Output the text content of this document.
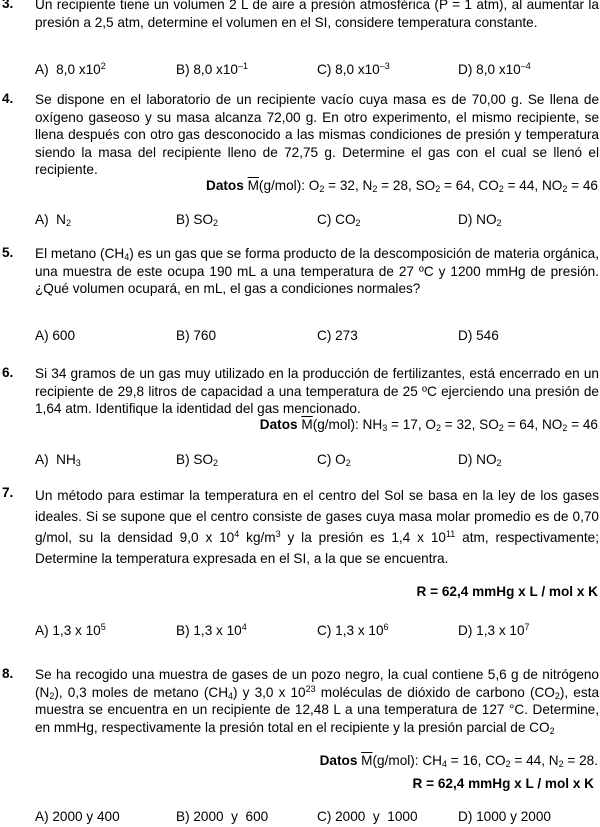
3. Un recipiente tiene un volumen 2 L de aire a presión atmosférica (P = 1 atm), al aumentar la presión a 2,5 atm, determine el volumen en el SI, considere temperatura constante.
A) 8,0 $x10^2$	B) 8,0 $x10^{-1}$	C) 8,0 $x10^{-3}$	D) 8,0 $x10^{-4}$
4. Se dispone en el laboratorio de un recipiente vacío cuya masa es de 70,00 g. Se llena de oxígeno gaseoso y su masa alcanza 72,00 g. En otro experimento, el mismo recipiente, se llena después con otro gas desconocido a las mismas condiciones de presión y temperatura siendo la masa del recipiente lleno de 72,75 g. Determine el gas con el cual se llenó el recipiente.
Datos $\overline{M}(g/mol)$: $O_2 = 32$, $N_2 = 28$, $SO_2 = 64$, $CO_2 = 44$, $NO_2 = 46$
A) $N_2$	B) $SO_2$	C) $CO_2$	D) $NO_2$
5. El metano $(CH_4)$ es un gas que se forma producto de la descomposición de materia orgánica, una muestra de este ocupa 190 mL a una temperatura de 27 ºC y 1200 mmHg de presión. ¿Qué volumen ocupará, en mL, el gas a condiciones normales?
A) 600	B) 760	C) 273	D) 546
6. Si 34 gramos de un gas muy utilizado en la producción de fertilizantes, está encerrado en un recipiente de 29,8 litros de capacidad a una temperatura de 25 ºC ejerciendo una presión de 1,64 atm. Identifique la identidad del gas mencionado.
Datos $\overline{M}(g/mol)$: $NH_3 = 17$, $O_2 = 32$, $SO_2 = 64$, $NO_2 = 46$
A) $NH_3$	B) $SO_2$	C) $O_2$	D) $NO_2$
7. Un método para estimar la temperatura en el centro del Sol se basa en la ley de los gases ideales. Si se supone que el centro consiste de gases cuya masa molar promedio es de 0,70 g/mol, su la densidad 9,0 x $10^4$ $kg/m^3$ y la presión es 1,4 x $10^{11}$ atm, respectivamente; Determine la temperatura expresada en el SI, a la que se encuentra.
R = 62,4 mmHg x L / mol x K
A) 1,3 x $10^5$	B) 1,3 x $10^4$	C) 1,3 x $10^6$	D) 1,3 x $10^7$
8. Se ha recogido una muestra de gases de un pozo negro, la cual contiene 5,6 g de nitrógeno $(N_2)$, 0,3 moles de metano $(CH_4)$ y 3,0 x $10^{23}$ moléculas de dióxido de carbono $(CO_2)$, esta muestra se encuentra en un recipiente de 12,48 L a una temperatura de 127 °C. Determine, en mmHg, respectivamente la presión total en el recipiente y la presión parcial de $CO_2$
Datos $\overline{M}(g/mol)$: $CH_4 = 16$, $CO_2 = 44$, $N_2 = 28$.
R = 62,4 mmHg x L / mol x K
A) 2000 y 400	B) 2000  y  600	C) 2000  y  1000	D) 1000 y 2000
